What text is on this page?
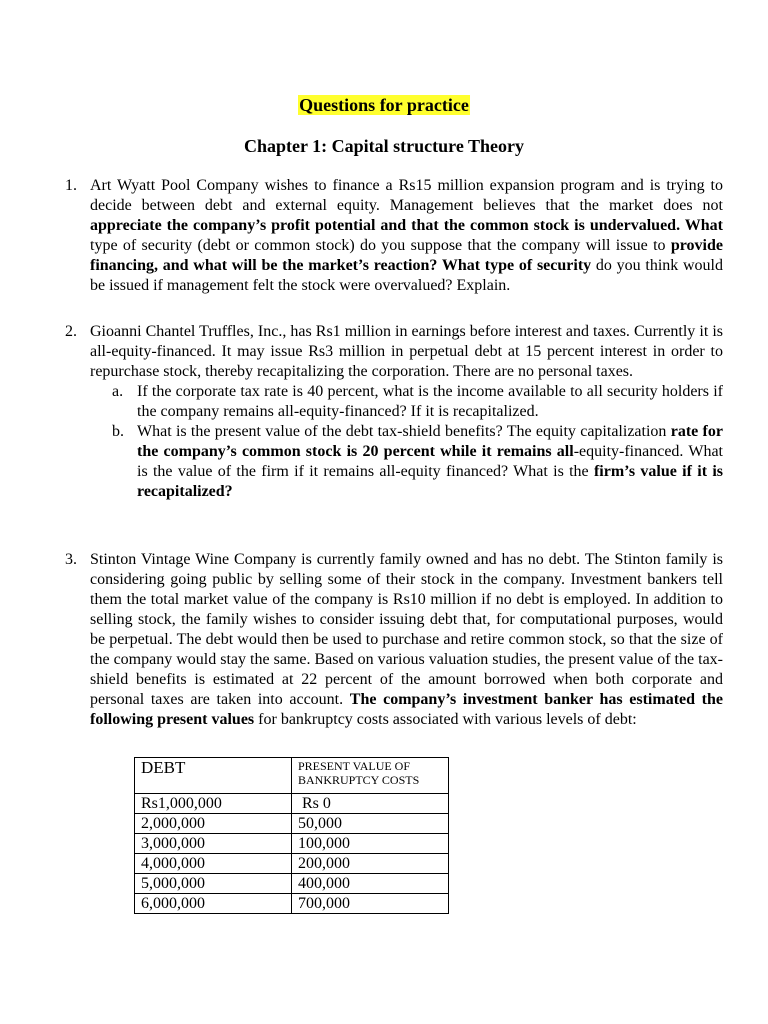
Questions for practice
Chapter 1: Capital structure Theory
1. Art Wyatt Pool Company wishes to finance a Rs15 million expansion program and is trying to decide between debt and external equity. Management believes that the market does not appreciate the company’s profit potential and that the common stock is undervalued. What type of security (debt or common stock) do you suppose that the company will issue to provide financing, and what will be the market’s reaction? What type of security do you think would be issued if management felt the stock were overvalued? Explain.
2. Gioanni Chantel Truffles, Inc., has Rs1 million in earnings before interest and taxes. Currently it is all-equity-financed. It may issue Rs3 million in perpetual debt at 15 percent interest in order to repurchase stock, thereby recapitalizing the corporation. There are no personal taxes.
a. If the corporate tax rate is 40 percent, what is the income available to all security holders if the company remains all-equity-financed? If it is recapitalized.
b. What is the present value of the debt tax-shield benefits? The equity capitalization rate for the company’s common stock is 20 percent while it remains all-equity-financed. What is the value of the firm if it remains all-equity financed? What is the firm’s value if it is recapitalized?
3. Stinton Vintage Wine Company is currently family owned and has no debt. The Stinton family is considering going public by selling some of their stock in the company. Investment bankers tell them the total market value of the company is Rs10 million if no debt is employed. In addition to selling stock, the family wishes to consider issuing debt that, for computational purposes, would be perpetual. The debt would then be used to purchase and retire common stock, so that the size of the company would stay the same. Based on various valuation studies, the present value of the tax-shield benefits is estimated at 22 percent of the amount borrowed when both corporate and personal taxes are taken into account. The company’s investment banker has estimated the following present values for bankruptcy costs associated with various levels of debt:
DEBT	PRESENT VALUE OF
BANKRUPTCY COSTS

Rs1,000,000	Rs 0
2,000,000	50,000
3,000,000	100,000
4,000,000	200,000
5,000,000	400,000
6,000,000	700,000
